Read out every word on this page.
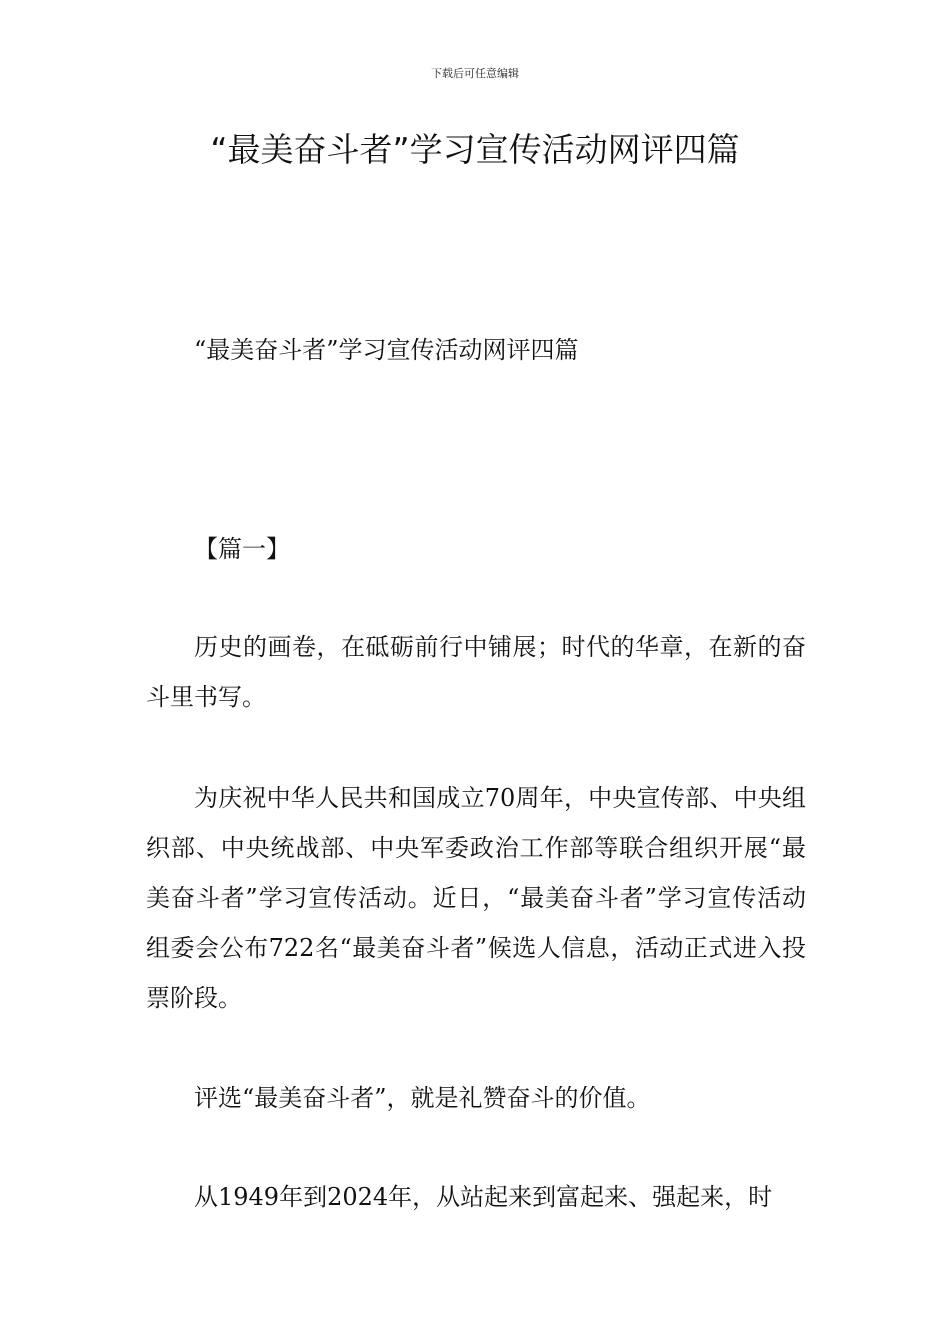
下载后可任意编辑
“最美奋斗者”学习宣传活动网评四篇

“最美奋斗者”学习宣传活动网评四篇

【篇一】

历史的画卷，在砥砺前行中铺展；时代的华章，在新的奋斗里书写。

为庆祝中华人民共和国成立70周年，中央宣传部、中央组织部、中央统战部、中央军委政治工作部等联合组织开展“最美奋斗者”学习宣传活动。近日，“最美奋斗者”学习宣传活动组委会公布722名“最美奋斗者”候选人信息，活动正式进入投票阶段。

评选“最美奋斗者”，就是礼赞奋斗的价值。

从1949年到2024年，从站起来到富起来、强起来，时
